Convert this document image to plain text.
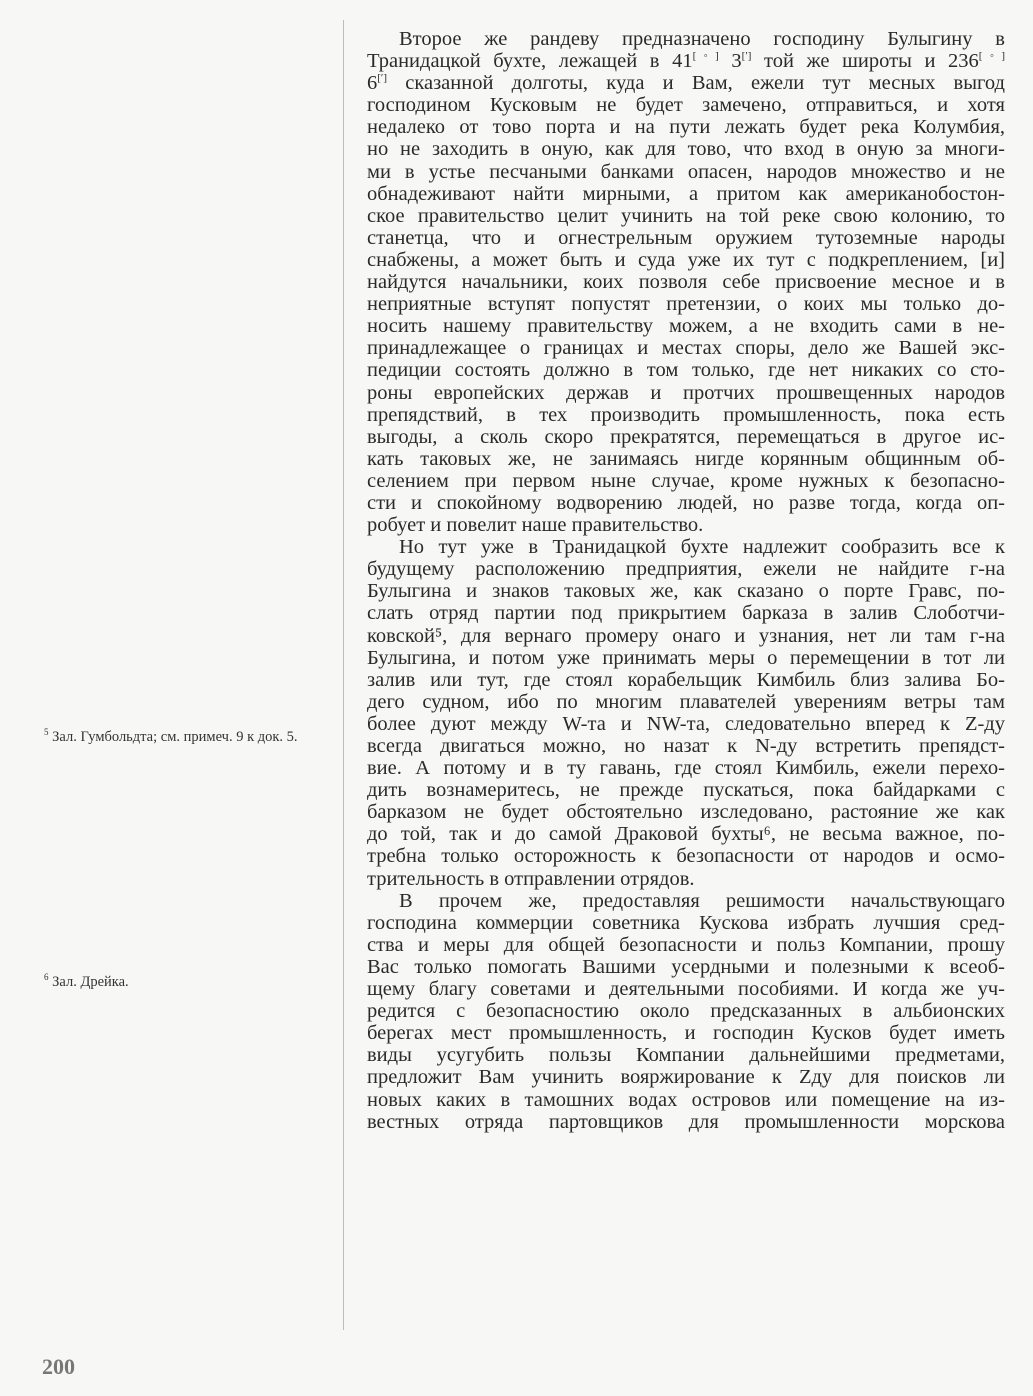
Второе же рандеву предназначено господину Булыгину в
Транидацкой бухте, лежащей в 41[◦] 3[′] той же широты и 236[◦]
6[′] сказанной долготы, куда и Вам, ежели тут месных выгод
господином Кусковым не будет замечено, отправиться, и хотя
недалеко от тово порта и на пути лежать будет река Колумбия,
но не заходить в оную, как для тово, что вход в оную за многи-
ми в устье песчаными банками опасен, народов множество и не
обнадеживают найти мирными, а притом как американобостон-
ское правительство целит учинить на той реке свою колонию, то
станетца, что и огнестрельным оружием тутоземные народы
снабжены, а может быть и суда уже их тут с подкреплением, [и]
найдутся начальники, коих позволя себе присвоение месное и в
неприятные вступят попустят претензии, о коих мы только до-
носить нашему правительству можем, а не входить сами в не-
принадлежащее о границах и местах споры, дело же Вашей экс-
педиции состоять должно в том только, где нет никаких со сто-
роны европейских держав и протчих прошвещенных народов
препядствий, в тех производить промышленность, пока есть
выгоды, а сколь скоро прекратятся, перемещаться в другое ис-
кать таковых же, не занимаясь нигде корянным общинным об-
селением при первом ныне случае, кроме нужных к безопасно-
сти и спокойному водворению людей, но разве тогда, когда оп-
робует и повелит наше правительство.
Но тут уже в Транидацкой бухте надлежит сообразить все к
будущему расположению предприятия, ежели не найдите г-на
Булыгина и знаков таковых же, как сказано о порте Гравс, по-
слать отряд партии под прикрытием барказа в залив Слоботчи-
ковской⁵, для вернаго промеру онаго и узнания, нет ли там г-на
Булыгина, и потом уже принимать меры о перемещении в тот ли
залив или тут, где стоял корабельщик Кимбиль близ залива Бо-
дего судном, ибо по многим плавателей уверениям ветры там
более дуют между W-та и NW-та, следовательно вперед к Z-ду
всегда двигаться можно, но назат к N-ду встретить препядст-
вие. А потому и в ту гавань, где стоял Кимбиль, ежели перехо-
дить вознамеритесь, не прежде пускаться, пока байдарками с
барказом не будет обстоятельно изследовано, растояние же как
до той, так и до самой Драковой бухты⁶, не весьма важное, по-
требна только осторожность к безопасности от народов и осмо-
трительность в отправлении отрядов.
В прочем же, предоставляя решимости начальствующаго
господина коммерции советника Кускова избрать лучшия сред-
ства и меры для общей безопасности и польз Компании, прошу
Вас только помогать Вашими усердными и полезными к всеоб-
щему благу советами и деятельными пособиями. И когда же уч-
редится с безопасностию около предсказанных в альбионских
берегах мест промышленность, и господин Кусков будет иметь
виды усугубить пользы Компании дальнейшими предметами,
предложит Вам учинить вояржирование к Zду для поисков ли
новых каких в тамошних водах островов или помещение на из-
вестных отряда партовщиков для промышленности морскова
$^5$ Зал. Гумбольдта; см. примеч. 9 к док. 5.
$^6$ Зал. Дрейка.
200
